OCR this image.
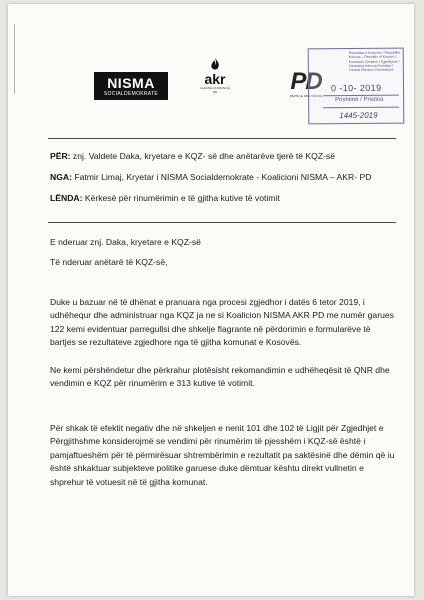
NISMA
SOCIALDEMOKRATE
akr
ALEANCA KOSOVA E RE	PD
PARTIA E DREJTËSISË
Republika e Kosovës / Republika Kosova – Republic of Kosovo / Komisioni Qendror i Zgjedhjeve / Centralna Izborna Komisija / Central Election Commission
0 -10- 2019
Prishtinë / Pristina
1445-2019
PËR: znj. Valdete Daka, kryetare e KQZ- së dhe anëtarëve tjerë të KQZ-së
NGA: Fatmir Limaj, Kryetar i NISMA Socialdemokrate - Koalicioni NISMA – AKR- PD
LËNDA: Kërkesë për rinumërimin e të gjitha kutive të votimit
E nderuar znj. Daka, kryetare e KQZ-së
Të nderuar anëtarë të KQZ-së,
Duke u bazuar në të dhënat e pranuara nga procesi zgjedhor i datës 6 tetor 2019, i udhëhequr dhe administruar nga KQZ ja ne si Koalicion NISMA AKR PD me numër garues 122 kemi evidentuar parregullsi dhe shkelje flagrante në përdorimin e formularëve të bartjes se rezultateve zgjedhore nga të gjitha komunat e Kosovës.
Ne kemi përshëndetur dhe përkrahur plotësisht rekomandimin e udhëheqësit të QNR dhe vendimin e KQZ për rinumërim e 313 kutive të votimit.
Për shkak të efektit negativ dhe në shkeljen e nenit 101 dhe 102 të Ligjit për Zgjedhjet e Përgjithshme konsiderojmë se vendimi për rinumërim të pjesshëm i KQZ-së është i pamjaftueshëm për të përmirësuar shtrembërimin e rezultatit pa saktësinë dhe dëmin që iu është shkaktuar subjekteve politike garuese duke dëmtuar kështu direkt vullnetin e shprehur të votuesit në të gjitha komunat.
